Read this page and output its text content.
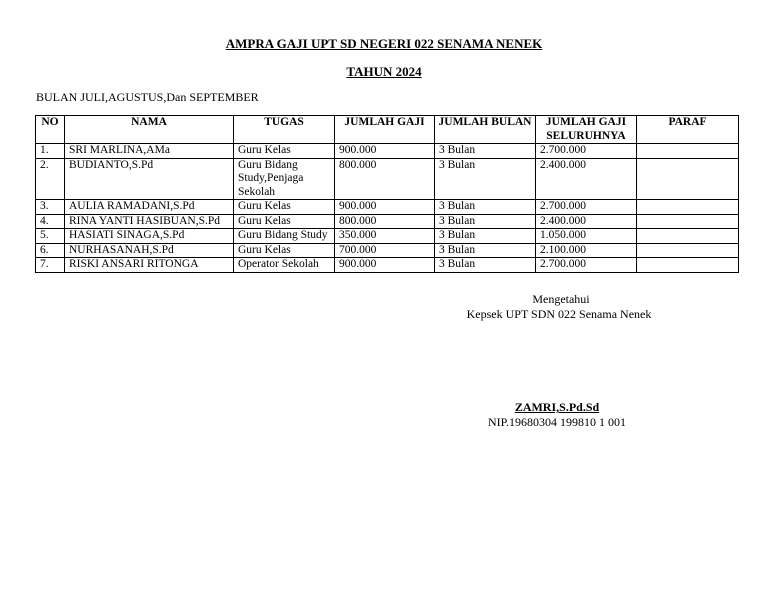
AMPRA GAJI UPT SD NEGERI 022 SENAMA NENEK
TAHUN 2024
BULAN JULI,AGUSTUS,Dan SEPTEMBER
NO	NAMA	TUGAS	JUMLAH GAJI	JUMLAH BULAN	JUMLAH GAJI SELURUHNYA	PARAF
1.	SRI MARLINA,AMa	Guru Kelas	900.000	3 Bulan	2.700.000	
2.	BUDIANTO,S.Pd	Guru Bidang Study,Penjaga Sekolah	800.000	3 Bulan	2.400.000	
3.	AULIA RAMADANI,S.Pd	Guru Kelas	900.000	3 Bulan	2.700.000	
4.	RINA YANTI HASIBUAN,S.Pd	Guru Kelas	800.000	3 Bulan	2.400.000	
5.	HASIATI SINAGA,S.Pd	Guru Bidang Study	350.000	3 Bulan	1.050.000	
6.	NURHASANAH,S.Pd	Guru Kelas	700.000	3 Bulan	2.100.000	
7.	RISKI ANSARI RITONGA	Operator Sekolah	900.000	3 Bulan	2.700.000	
Mengetahui
Kepsek UPT SDN 022 Senama Nenek
ZAMRI,S.Pd.Sd
NIP.19680304 199810 1 001
